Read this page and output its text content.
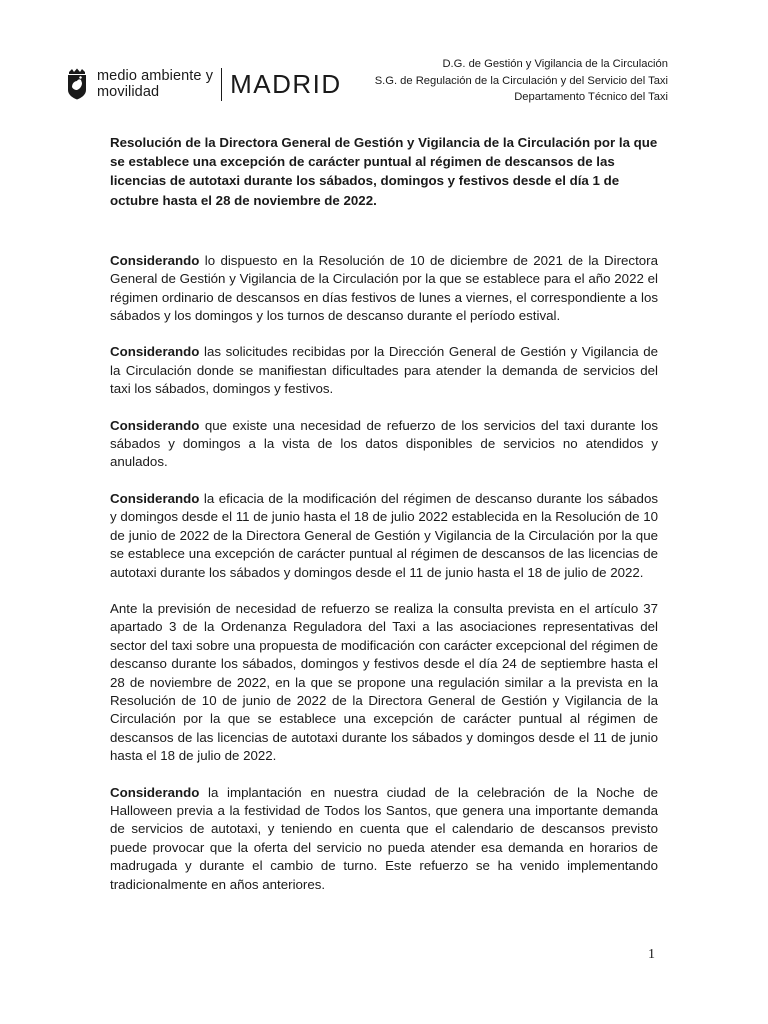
medio ambiente y
movilidad	MADRID
D.G. de Gestión y Vigilancia de la Circulación
S.G. de Regulación de la Circulación y del Servicio del Taxi
Departamento Técnico del Taxi

Resolución de la Directora General de Gestión y Vigilancia de la Circulación por la que se establece una excepción de carácter puntual al régimen de descansos de las licencias de autotaxi durante los sábados, domingos y festivos desde el día 1 de octubre hasta el 28 de noviembre de 2022.

Considerando lo dispuesto en la Resolución de 10 de diciembre de 2021 de la Directora General de Gestión y Vigilancia de la Circulación por la que se establece para el año 2022 el régimen ordinario de descansos en días festivos de lunes a viernes, el correspondiente a los sábados y los domingos y los turnos de descanso durante el período estival.

Considerando las solicitudes recibidas por la Dirección General de Gestión y Vigilancia de la Circulación donde se manifiestan dificultades para atender la demanda de servicios del taxi los sábados, domingos y festivos.

Considerando que existe una necesidad de refuerzo de los servicios del taxi durante los sábados y domingos a la vista de los datos disponibles de servicios no atendidos y anulados.

Considerando la eficacia de la modificación del régimen de descanso durante los sábados y domingos desde el 11 de junio hasta el 18 de julio 2022 establecida en la Resolución de 10 de junio de 2022 de la Directora General de Gestión y Vigilancia de la Circulación por la que se establece una excepción de carácter puntual al régimen de descansos de las licencias de autotaxi durante los sábados y domingos desde el 11 de junio hasta el 18 de julio de 2022.

Ante la previsión de necesidad de refuerzo se realiza la consulta prevista en el artículo 37 apartado 3 de la Ordenanza Reguladora del Taxi a las asociaciones representativas del sector del taxi sobre una propuesta de modificación con carácter excepcional del régimen de descanso durante los sábados, domingos y festivos desde el día 24 de septiembre hasta el 28 de noviembre de 2022, en la que se propone una regulación similar a la prevista en la Resolución de 10 de junio de 2022 de la Directora General de Gestión y Vigilancia de la Circulación por la que se establece una excepción de carácter puntual al régimen de descansos de las licencias de autotaxi durante los sábados y domingos desde el 11 de junio hasta el 18 de julio de 2022.

Considerando la implantación en nuestra ciudad de la celebración de la Noche de Halloween previa a la festividad de Todos los Santos, que genera una importante demanda de servicios de autotaxi, y teniendo en cuenta que el calendario de descansos previsto puede provocar que la oferta del servicio no pueda atender esa demanda en horarios de madrugada y durante el cambio de turno. Este refuerzo se ha venido implementando tradicionalmente en años anteriores.

1
